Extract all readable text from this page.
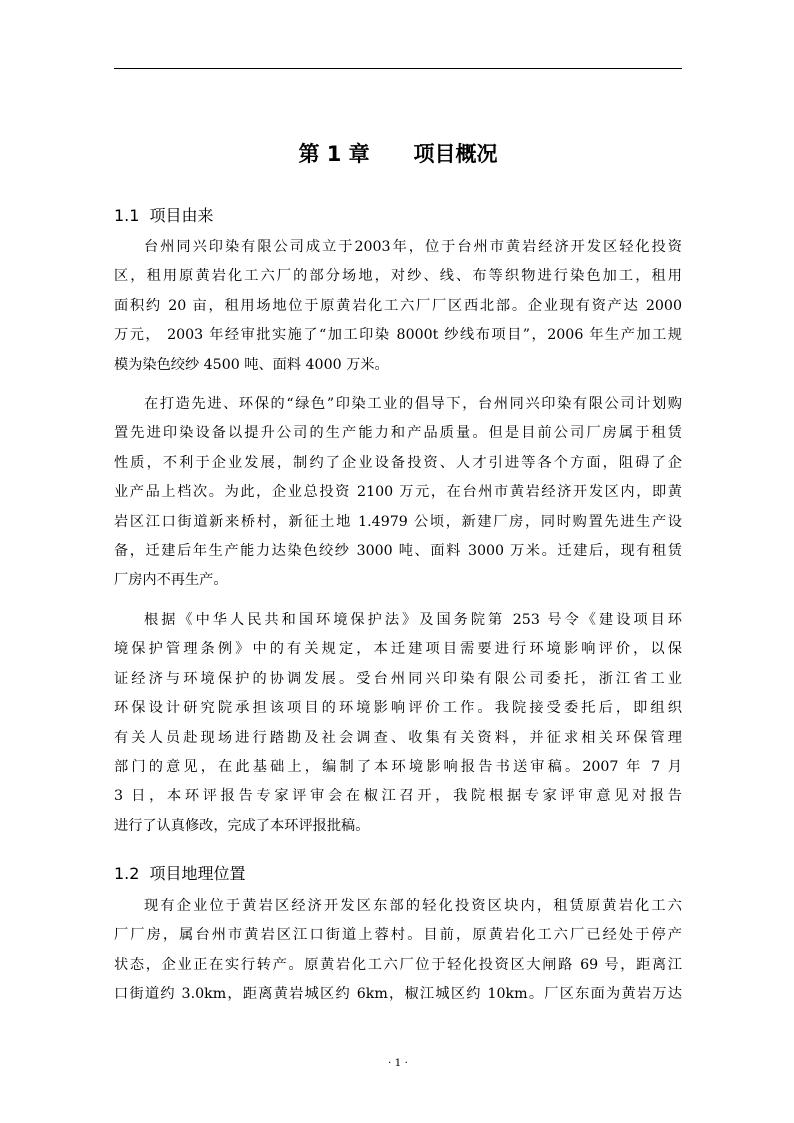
第 1 章      项目概况
1.1 项目由来
台州同兴印染有限公司成立于2003年，位于台州市黄岩经济开发区轻化投资
区，租用原黄岩化工六厂的部分场地，对纱、线、布等织物进行染色加工，租用
面积约 20 亩，租用场地位于原黄岩化工六厂厂区西北部。企业现有资产达 2000
万元， 2003 年经审批实施了“加工印染 8000t 纱线布项目”，2006 年生产加工规
模为染色绞纱 4500 吨、面料 4000 万米。
在打造先进、环保的“绿色”印染工业的倡导下，台州同兴印染有限公司计划购
置先进印染设备以提升公司的生产能力和产品质量。但是目前公司厂房属于租赁
性质，不利于企业发展，制约了企业设备投资、人才引进等各个方面，阻碍了企
业产品上档次。为此，企业总投资 2100 万元，在台州市黄岩经济开发区内，即黄
岩区江口街道新来桥村，新征土地 1.4979 公顷，新建厂房，同时购置先进生产设
备，迁建后年生产能力达染色绞纱 3000 吨、面料 3000 万米。迁建后，现有租赁
厂房内不再生产。
根据《中华人民共和国环境保护法》及国务院第 253 号令《建设项目环
境保护管理条例》中的有关规定，本迁建项目需要进行环境影响评价，以保
证经济与环境保护的协调发展。受台州同兴印染有限公司委托，浙江省工业
环保设计研究院承担该项目的环境影响评价工作。我院接受委托后，即组织
有关人员赴现场进行踏勘及社会调查、收集有关资料，并征求相关环保管理
部门的意见，在此基础上，编制了本环境影响报告书送审稿。2007 年 7 月
3 日，本环评报告专家评审会在椒江召开，我院根据专家评审意见对报告
进行了认真修改，完成了本环评报批稿。
1.2 项目地理位置
现有企业位于黄岩区经济开发区东部的轻化投资区块内，租赁原黄岩化工六
厂厂房，属台州市黄岩区江口街道上蓉村。目前，原黄岩化工六厂已经处于停产
状态，企业正在实行转产。原黄岩化工六厂位于轻化投资区大闸路 69 号，距离江
口街道约 3.0km，距离黄岩城区约 6km，椒江城区约 10km。厂区东面为黄岩万达
· 1 ·
